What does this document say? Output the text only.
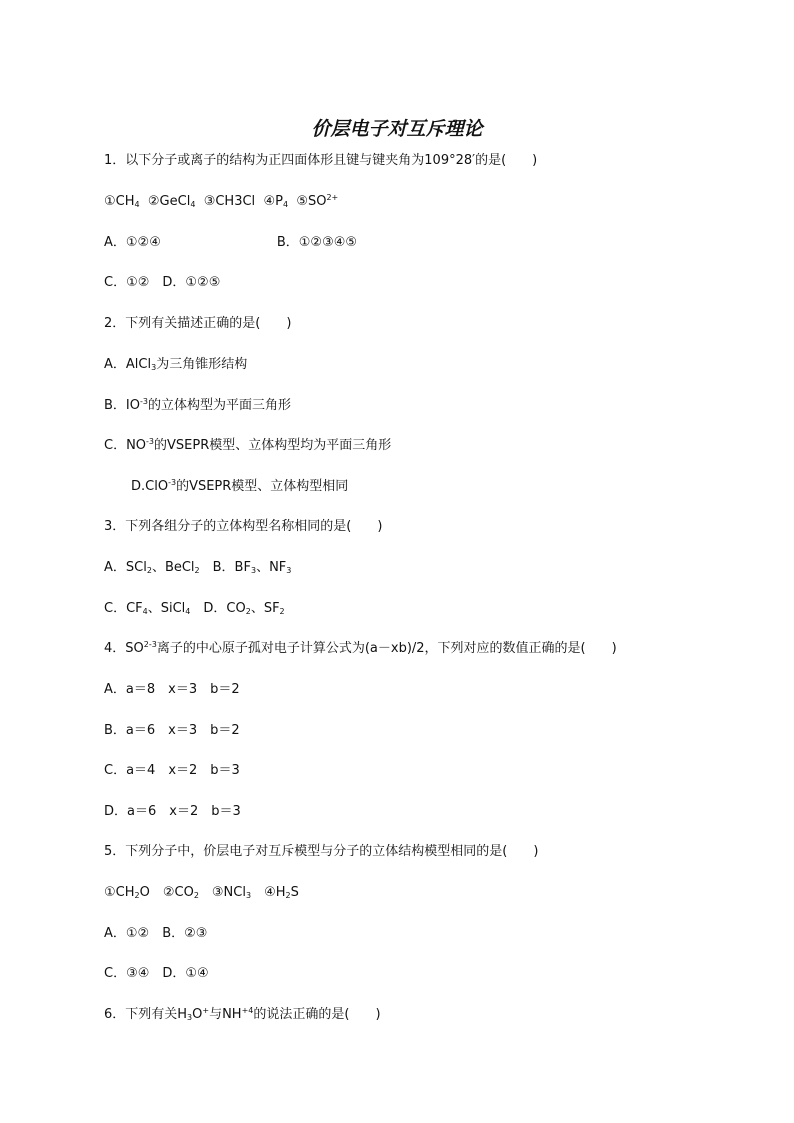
价层电子对互斥理论
1．以下分子或离子的结构为正四面体形且键与键夹角为109°28′的是(　　)
$①CH_4$ ②GeCl$_4$ ③CH3Cl $④P_4$ $⑤SO^{2+}$
A．①②④	B．①②③④⑤
C．①②　D．①②⑤
2．下列有关描述正确的是(　　)
A．AlCl$_3$为三角锥形结构
B．$IO^{-3}$的立体构型为平面三角形
C．$NO^{-3}$的VSEPR模型、立体构型均为平面三角形
D.ClO$^{-3}$的VSEPR模型、立体构型相同
3．下列各组分子的立体构型名称相同的是(　　)
A．SCl$_2$、BeCl$_2$　B．$BF_3$、$NF_3$
C．$CF_4$、SiCl$_4$　D．$CO_2$、$SF_2$
4．SO$^{2-3}$离子的中心原子孤对电子计算公式为(a－xb)/2，下列对应的数值正确的是(　　)
A．a＝8　x＝3　b＝2
B．a＝6　x＝3　b＝2
C．a＝4　x＝2　b＝3
D．a＝6　x＝2　b＝3
5．下列分子中，价层电子对互斥模型与分子的立体结构模型相同的是(　　)
$①CH_2O$　$②CO_2$　③NCl$_3$　$④H_2S$
A．①②　B．②③
C．③④　D．①④
6．下列有关$H_3O^+$与$NH^{+4}$的说法正确的是(　　)
